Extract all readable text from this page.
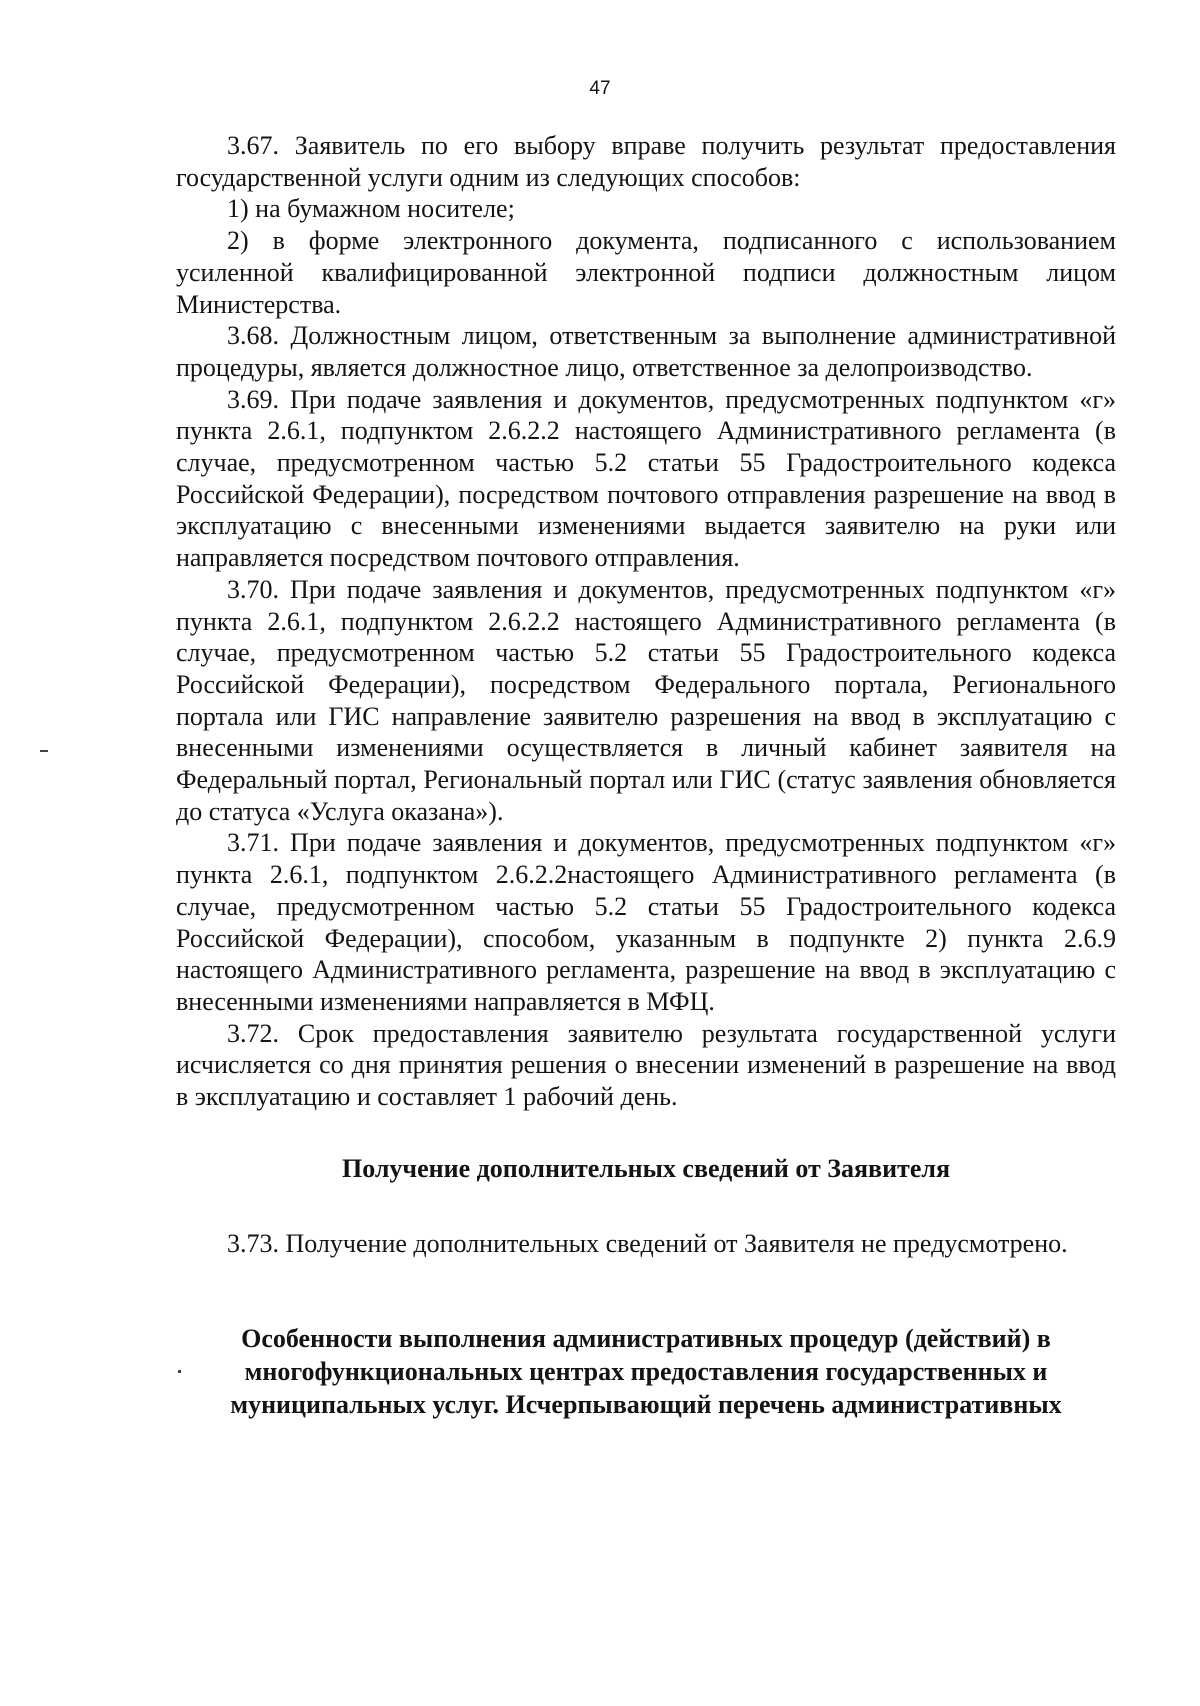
47

3.67. Заявитель по его выбору вправе получить результат предоставления государственной услуги одним из следующих способов:

1) на бумажном носителе;

2) в форме электронного документа, подписанного с использованием усиленной квалифицированной электронной подписи должностным лицом Министерства.

3.68. Должностным лицом, ответственным за выполнение административной процедуры, является должностное лицо, ответственное за делопроизводство.

3.69. При подаче заявления и документов, предусмотренных подпунктом «г» пункта 2.6.1, подпунктом 2.6.2.2 настоящего Административного регламента (в случае, предусмотренном частью 5.2 статьи 55 Градостроительного кодекса Российской Федерации), посредством почтового отправления разрешение на ввод в эксплуатацию с внесенными изменениями выдается заявителю на руки или направляется посредством почтового отправления.

3.70. При подаче заявления и документов, предусмотренных подпунктом «г» пункта 2.6.1, подпунктом 2.6.2.2 настоящего Административного регламента (в случае, предусмотренном частью 5.2 статьи 55 Градостроительного кодекса Российской Федерации), посредством Федерального портала, Регионального портала или ГИС направление заявителю разрешения на ввод в эксплуатацию с внесенными изменениями осуществляется в личный кабинет заявителя на Федеральный портал, Региональный портал или ГИС (статус заявления обновляется до статуса «Услуга оказана»).

3.71. При подаче заявления и документов, предусмотренных подпунктом «г» пункта 2.6.1, подпунктом 2.6.2.2настоящего Административного регламента (в случае, предусмотренном частью 5.2 статьи 55 Градостроительного кодекса Российской Федерации), способом, указанным в подпункте 2) пункта 2.6.9 настоящего Административного регламента, разрешение на ввод в эксплуатацию с внесенными изменениями направляется в МФЦ.

3.72. Срок предоставления заявителю результата государственной услуги исчисляется со дня принятия решения о внесении изменений в разрешение на ввод в эксплуатацию и составляет 1 рабочий день.

Получение дополнительных сведений от Заявителя

3.73. Получение дополнительных сведений от Заявителя не предусмотрено.

Особенности выполнения административных процедур (действий) в многофункциональных центрах предоставления государственных и муниципальных услуг. Исчерпывающий перечень административных
